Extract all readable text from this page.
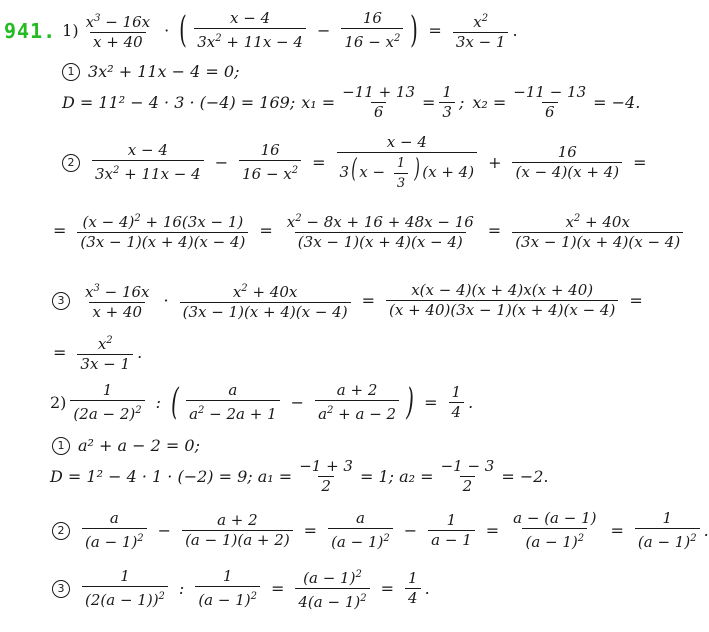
941. $1) \frac{x^3 - 16x}{x + 40}$ · ( $\frac{x - 4}{3x^2 + 11x - 4} - \frac{16}{16 - x^2}$ ) = $\frac{x^2}{3x - 1}$ .
1 3x² + 11x − 4 = 0;
D = 11² − 4 · 3 · (−4) = 169; $x_1 = \frac{-11 + 13}{6} = \frac{1}{3}$ ; $x_2 = \frac{-11 - 13}{6} = -4$.
2	$\frac{x - 4}{3x^2 + 11x - 4} - \frac{16}{16 - x^2} = \frac{x - 4}{3( x - \frac{1}{3} ) (x + 4)} + \frac{16}{(x - 4)(x + 4)}$ =
= $\frac{(x - 4)^2 + 16(3x - 1)}{(3x - 1)(x + 4)(x - 4)} = \frac{x^2 - 8x + 16 + 48x - 16}{(3x - 1)(x + 4)(x - 4)} = \frac{x^2 + 40x}{(3x - 1)(x + 4)(x - 4)}$
3	$\frac{x^3 - 16x}{x + 40} \cdot \frac{x^2 + 40x}{(3x - 1)(x + 4)(x - 4)} = \frac{x(x - 4)(x + 4)x(x + 40)}{(x + 40)(3x - 1)(x + 4)(x - 4)}$ =
= $\frac{x^2}{3x - 1}$ .
$2) \frac{1}{(2a - 2)^2}$ : ( $\frac{a}{a^2 - 2a + 1} - \frac{a + 2}{a^2 + a - 2}$ ) = $\frac{1}{4}$ .
1 a² + a − 2 = 0;
D = 1² − 4 · 1 · (−2) = 9; $a_1 = \frac{-1 + 3}{2} = 1$; $a_2 = \frac{-1 - 3}{2} = -2$.
2	$\frac{a}{(a - 1)^2} - \frac{a + 2}{(a - 1)(a + 2)} = \frac{a}{(a - 1)^2} - \frac{1}{a - 1} = \frac{a - (a - 1)}{(a - 1)^2} = \frac{1}{(a - 1)^2}$ .
3	$\frac{1}{(2(a - 1))^2}$ : $\frac{1}{(a - 1)^2} = \frac{(a - 1)^2}{4(a - 1)^2} = \frac{1}{4}$ .
